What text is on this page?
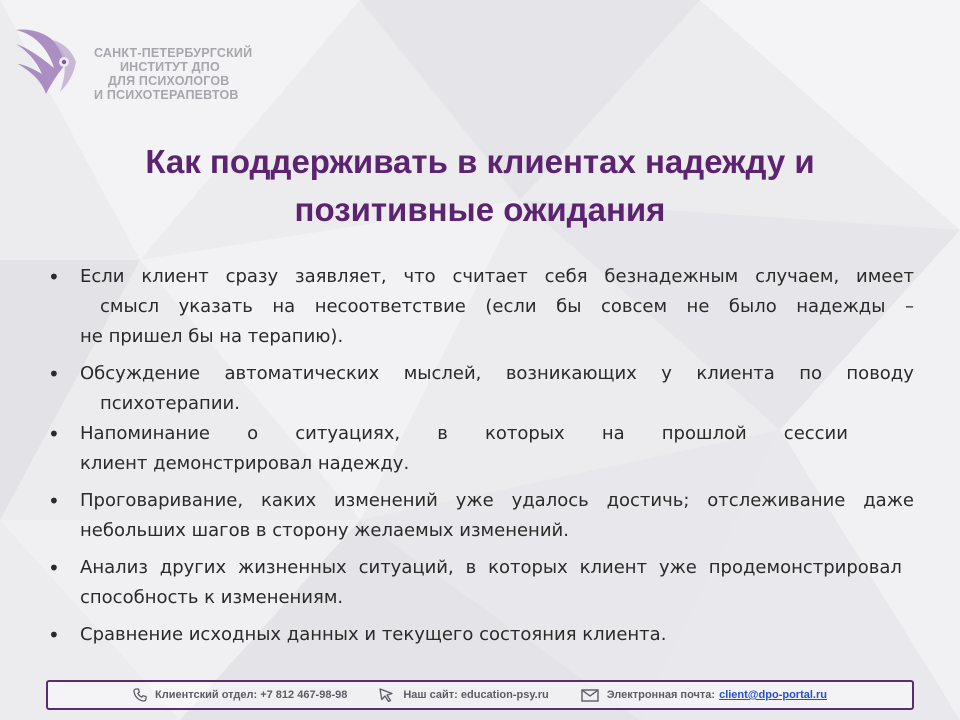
САНКТ-ПЕТЕРБУРГСКИЙ
ИНСТИТУТ ДПО
ДЛЯ ПСИХОЛОГОВ
И ПСИХОТЕРАПЕВТОВ
Как поддерживать в клиентах надежду и
позитивные ожидания
• Если клиент сразу заявляет, что считает себя безнадежным случаем, имеет
смысл указать на несоответствие (если бы совсем не было надежды –
не пришел бы на терапию).
• Обсуждение автоматических мыслей, возникающих у клиента по поводу
психотерапии.
• Напоминание о ситуациях, в которых на прошлой сессии
клиент демонстрировал надежду.
• Проговаривание, каких изменений уже удалось достичь; отслеживание даже
небольших шагов в сторону желаемых изменений.
• Анализ других жизненных ситуаций, в которых клиент уже продемонстрировал
способность к изменениям.
• Сравнение исходных данных и текущего состояния клиента.
Клиентский отдел: +7 812 467-98-98	Наш сайт: education-psy.ru	Электронная почта: client@dpo-portal.ru
